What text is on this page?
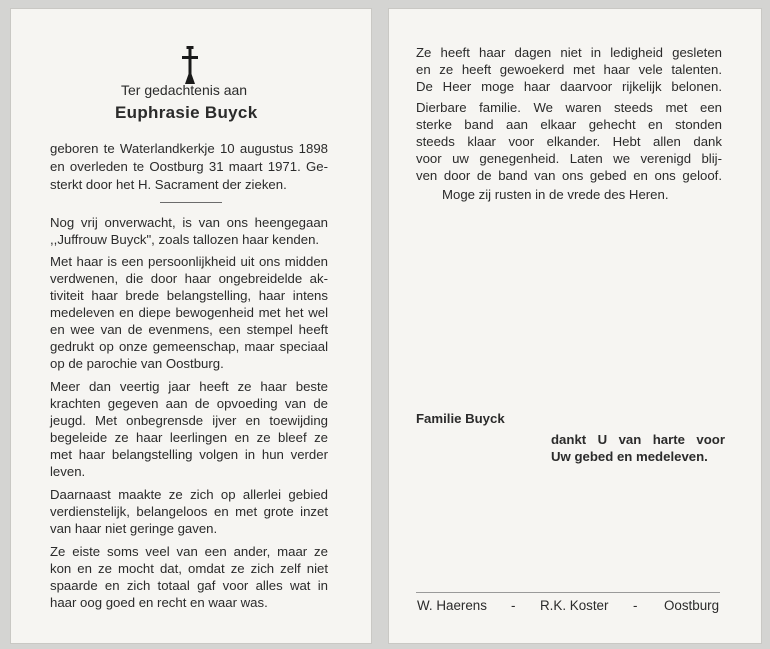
Ter gedachtenis aan
Euphrasie Buyck
geboren te Waterlandkerkje 10 augustus 1898
en overleden te Oostburg 31 maart 1971. Ge-
sterkt door het H. Sacrament der zieken.
Nog vrij onverwacht, is van ons heengegaan
,,Juffrouw Buyck", zoals tallozen haar kenden.
Met haar is een persoonlijkheid uit ons midden
verdwenen, die door haar ongebreidelde ak-
tiviteit haar brede belangstelling, haar intens
medeleven en diepe bewogenheid met het wel
en wee van de evenmens, een stempel heeft
gedrukt op onze gemeenschap, maar speciaal
op de parochie van Oostburg.
Meer dan veertig jaar heeft ze haar beste
krachten gegeven aan de opvoeding van de
jeugd. Met onbegrensde ijver en toewijding
begeleide ze haar leerlingen en ze bleef ze
met haar belangstelling volgen in hun verder
leven.
Daarnaast maakte ze zich op allerlei gebied
verdienstelijk, belangeloos en met grote inzet
van haar niet geringe gaven.
Ze eiste soms veel van een ander, maar ze
kon en ze mocht dat, omdat ze zich zelf niet
spaarde en zich totaal gaf voor alles wat in
haar oog goed en recht en waar was.
Ze heeft haar dagen niet in ledigheid gesleten
en ze heeft gewoekerd met haar vele talenten.
De Heer moge haar daarvoor rijkelijk belonen.
Dierbare familie. We waren steeds met een
sterke band aan elkaar gehecht en stonden
steeds klaar voor elkander. Hebt allen dank
voor uw genegenheid. Laten we verenigd blij-
ven door de band van ons gebed en ons geloof.
Moge zij rusten in de vrede des Heren.
Familie Buyck
dankt U van harte voor
Uw gebed en medeleven.
W. Haerens - R.K. Koster - Oostburg
